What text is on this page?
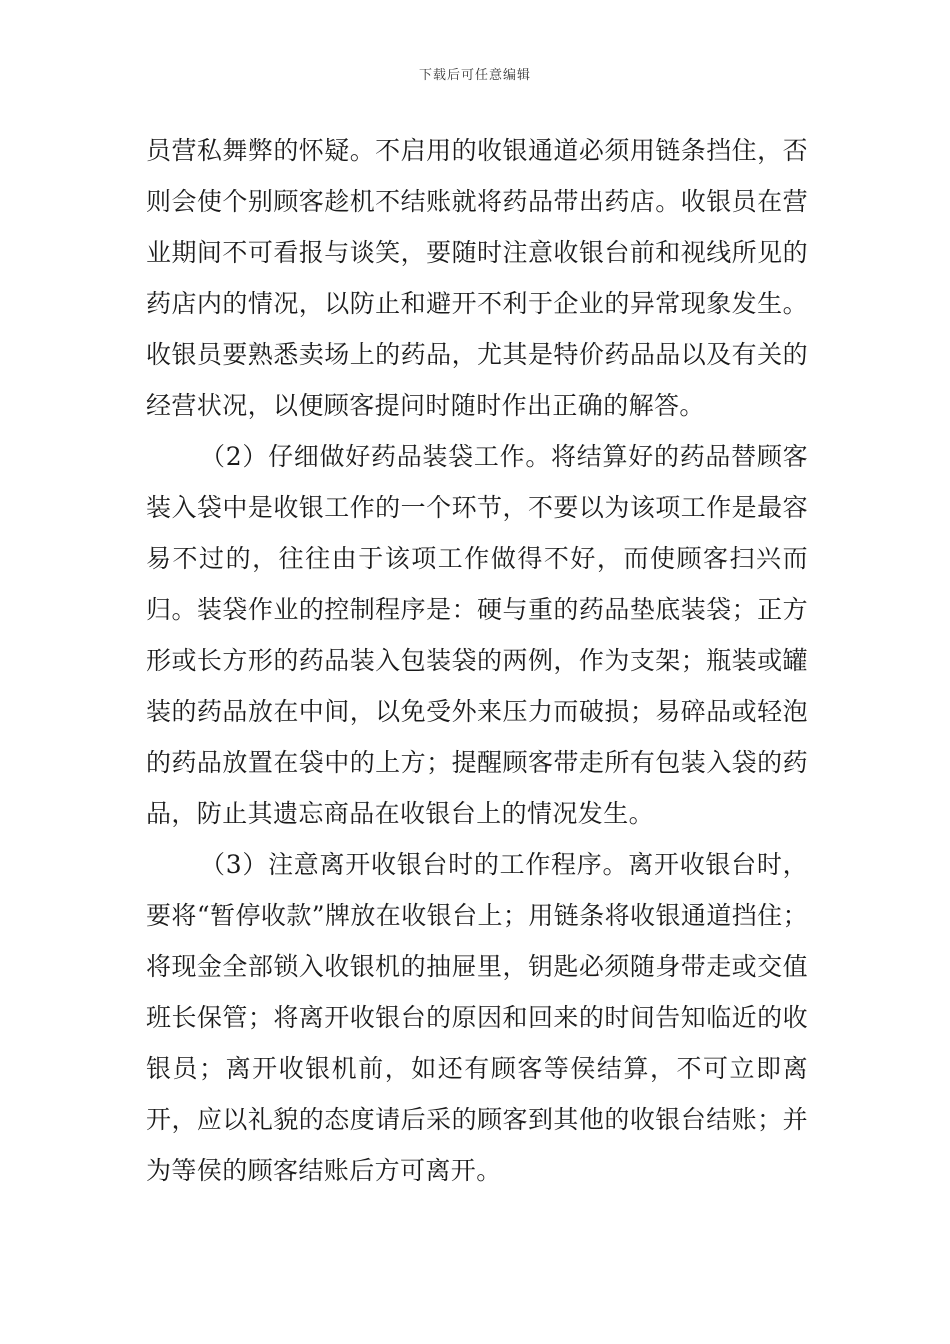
下载后可任意编辑

员营私舞弊的怀疑。不启用的收银通道必须用链条挡住，否则会使个别顾客趁机不结账就将药品带出药店。收银员在营业期间不可看报与谈笑，要随时注意收银台前和视线所见的药店内的情况，以防止和避开不利于企业的异常现象发生。收银员要熟悉卖场上的药品，尤其是特价药品品以及有关的经营状况，以便顾客提问时随时作出正确的解答。

（2）仔细做好药品装袋工作。将结算好的药品替顾客装入袋中是收银工作的一个环节，不要以为该项工作是最容易不过的，往往由于该项工作做得不好，而使顾客扫兴而归。装袋作业的控制程序是：硬与重的药品垫底装袋；正方形或长方形的药品装入包装袋的两例，作为支架；瓶装或罐装的药品放在中间，以免受外来压力而破损；易碎品或轻泡的药品放置在袋中的上方；提醒顾客带走所有包装入袋的药品，防止其遗忘商品在收银台上的情况发生。

（3）注意离开收银台时的工作程序。离开收银台时，要将“暂停收款”牌放在收银台上；用链条将收银通道挡住；将现金全部锁入收银机的抽屉里，钥匙必须随身带走或交值班长保管；将离开收银台的原因和回来的时间告知临近的收银员；离开收银机前，如还有顾客等侯结算，不可立即离开，应以礼貌的态度请后采的顾客到其他的收银台结账；并为等侯的顾客结账后方可离开。
